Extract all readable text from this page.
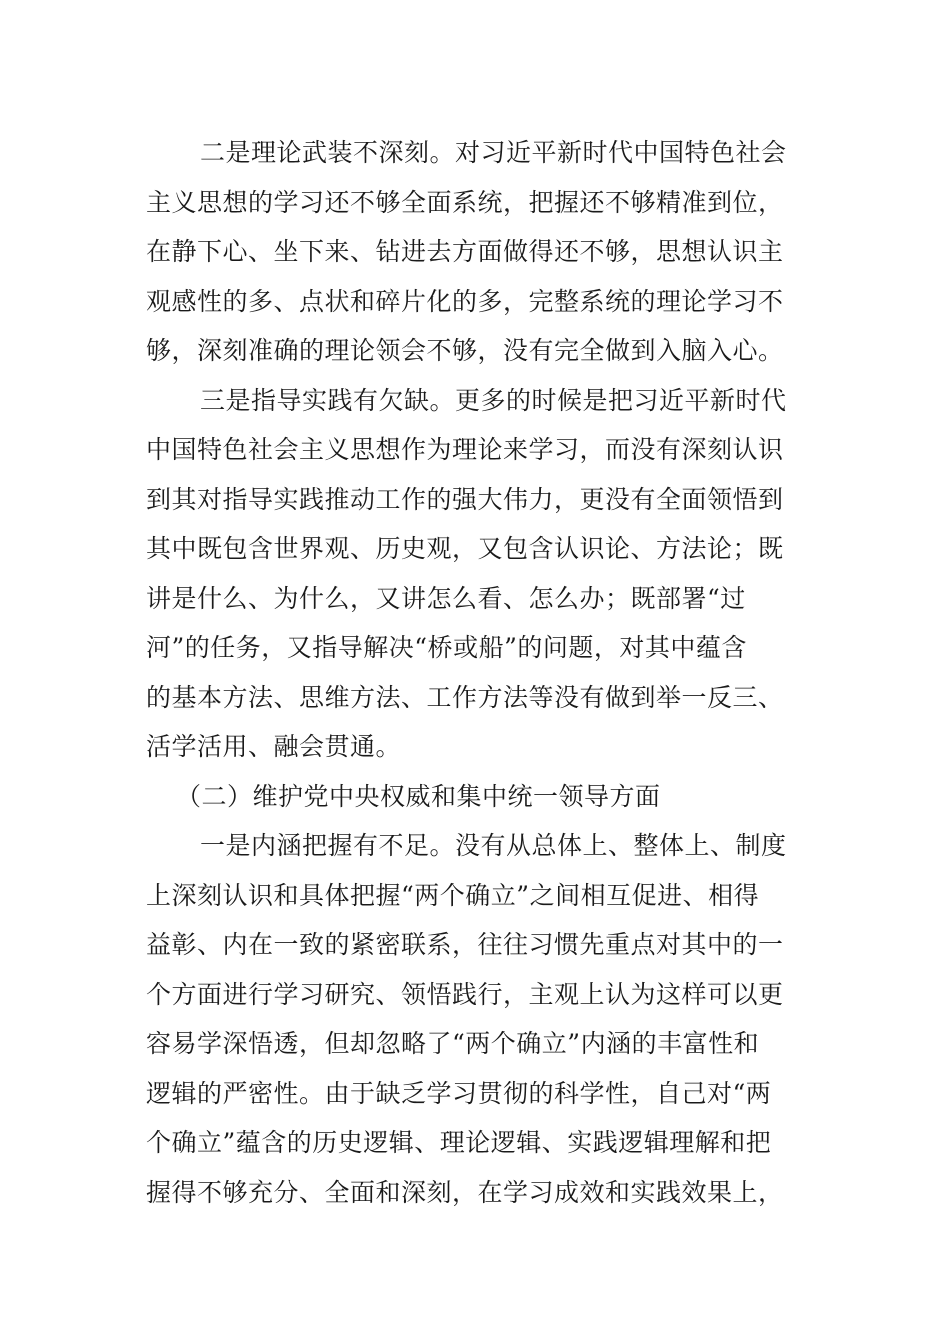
二是理论武装不深刻。对习近平新时代中国特色社会
主义思想的学习还不够全面系统，把握还不够精准到位，
在静下心、坐下来、钻进去方面做得还不够，思想认识主
观感性的多、点状和碎片化的多，完整系统的理论学习不
够，深刻准确的理论领会不够，没有完全做到入脑入心。

三是指导实践有欠缺。更多的时候是把习近平新时代
中国特色社会主义思想作为理论来学习，而没有深刻认识
到其对指导实践推动工作的强大伟力，更没有全面领悟到
其中既包含世界观、历史观，又包含认识论、方法论；既
讲是什么、为什么，又讲怎么看、怎么办；既部署“过
河”的任务，又指导解决“桥或船”的问题，对其中蕴含
的基本方法、思维方法、工作方法等没有做到举一反三、
活学活用、融会贯通。

（二）维护党中央权威和集中统一领导方面

一是内涵把握有不足。没有从总体上、整体上、制度
上深刻认识和具体把握“两个确立”之间相互促进、相得
益彰、内在一致的紧密联系，往往习惯先重点对其中的一
个方面进行学习研究、领悟践行，主观上认为这样可以更
容易学深悟透，但却忽略了“两个确立”内涵的丰富性和
逻辑的严密性。由于缺乏学习贯彻的科学性，自己对“两
个确立”蕴含的历史逻辑、理论逻辑、实践逻辑理解和把
握得不够充分、全面和深刻，在学习成效和实践效果上，
